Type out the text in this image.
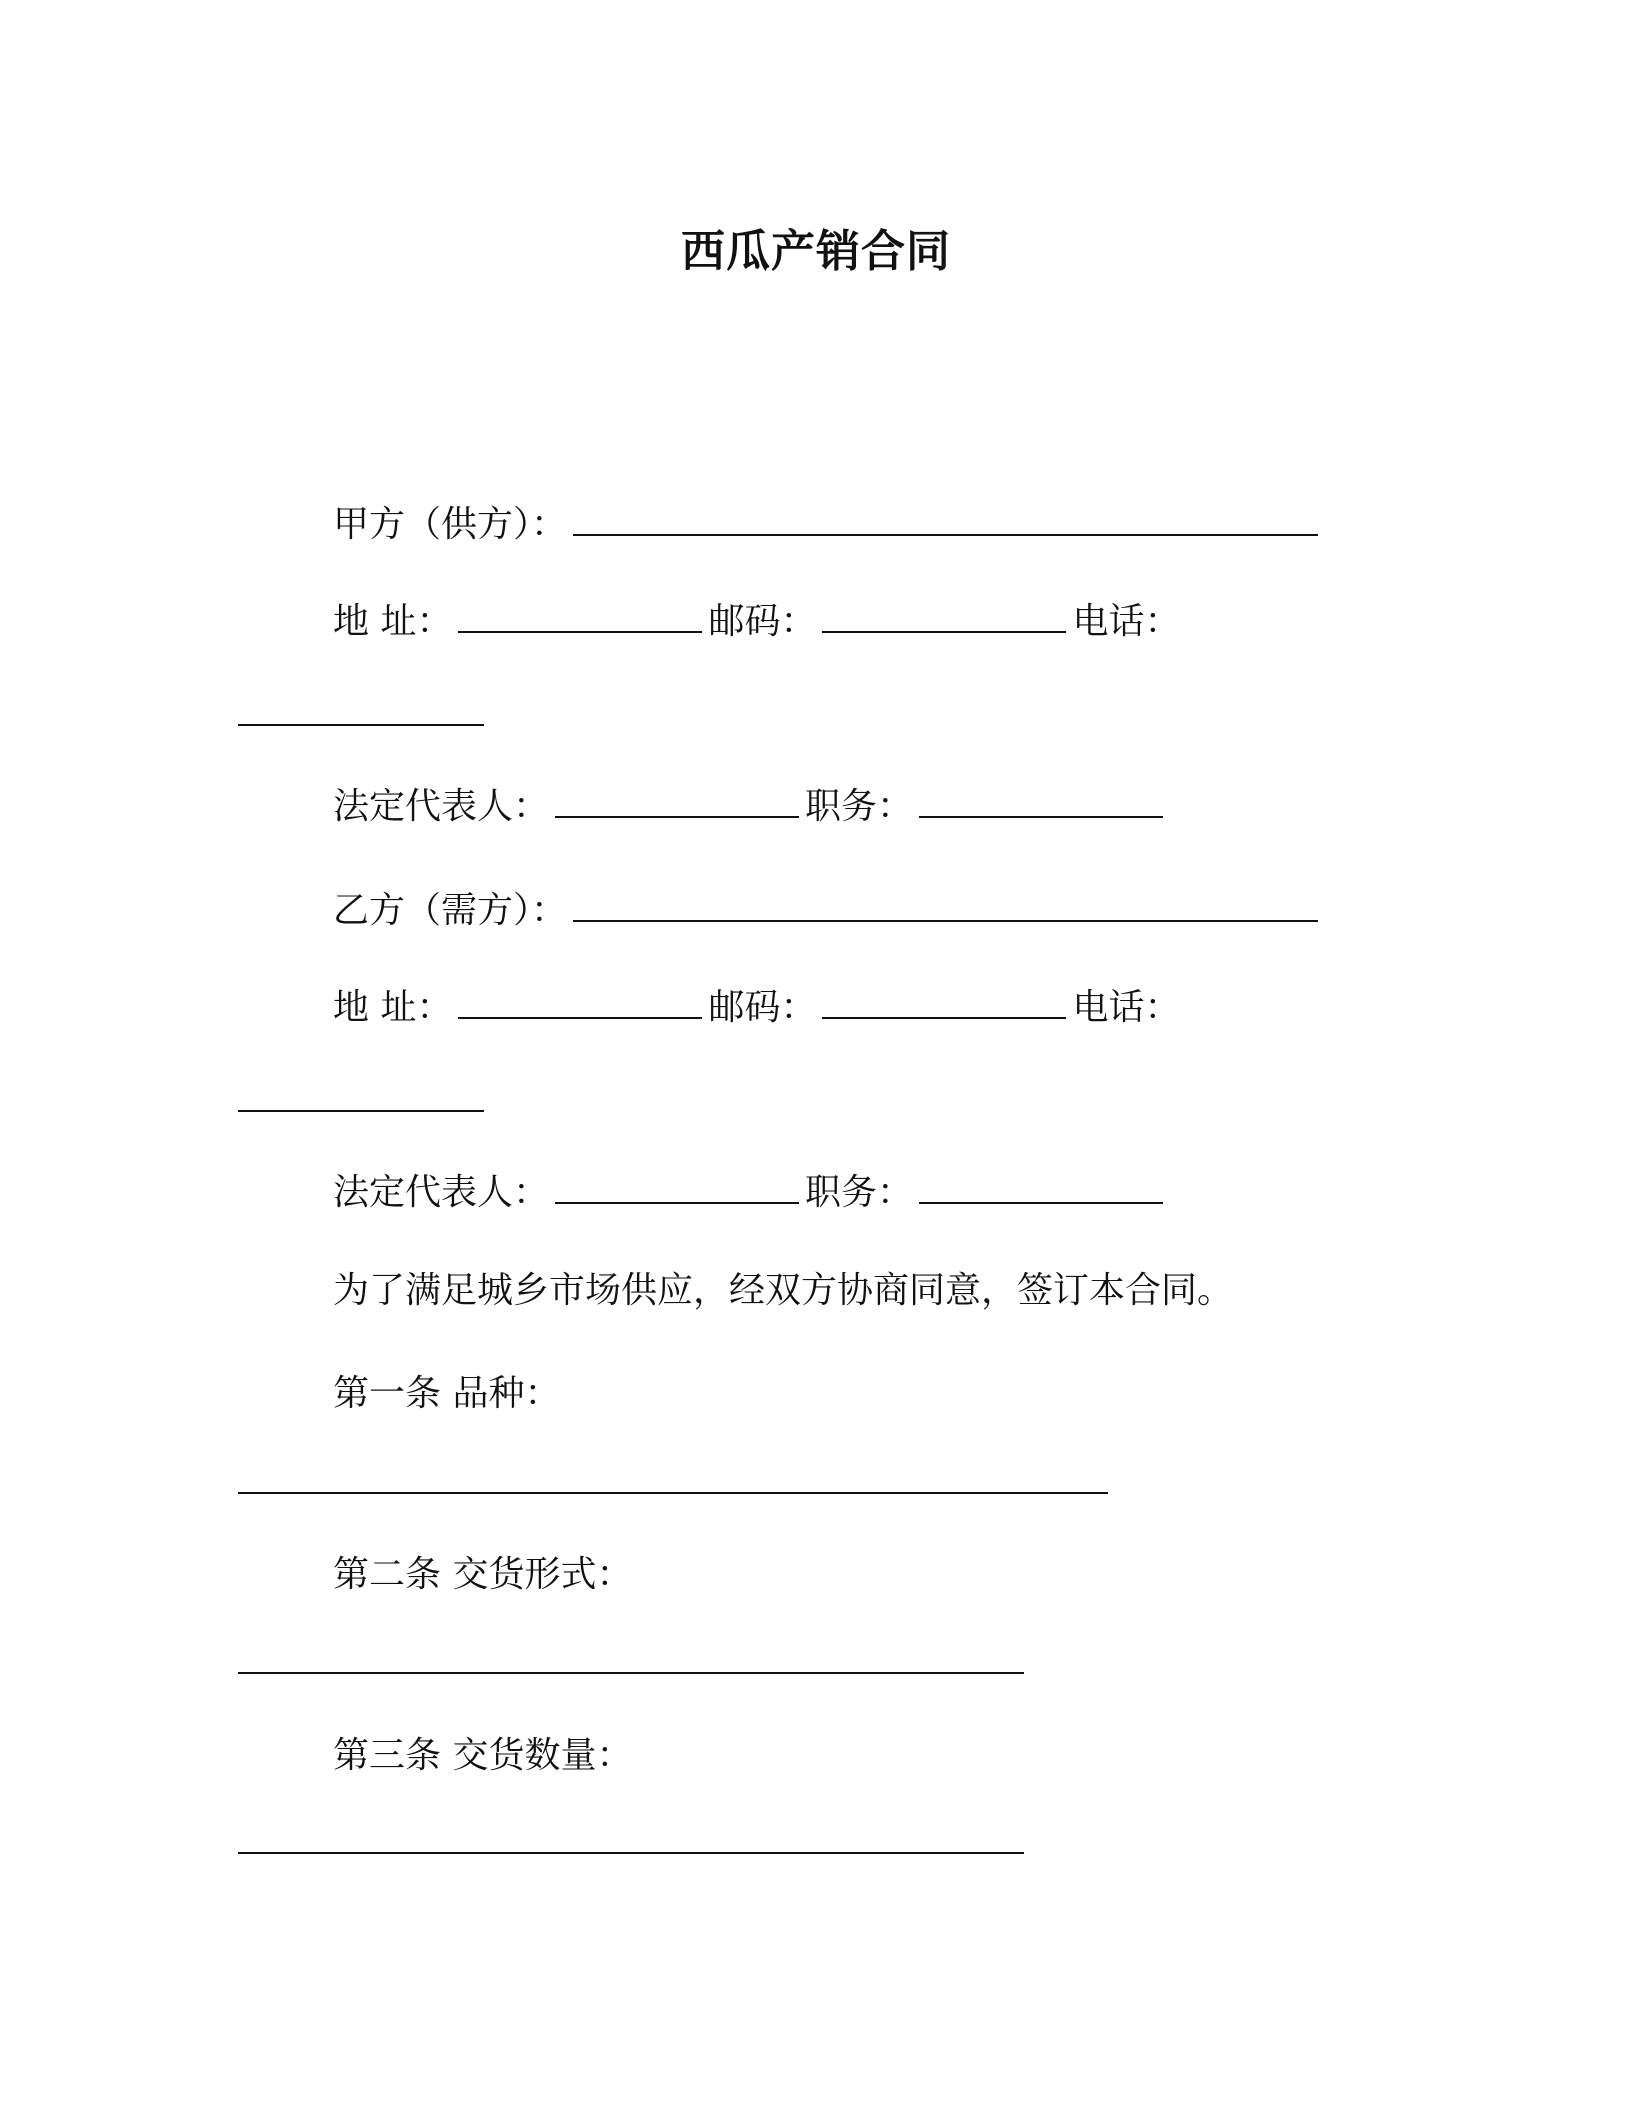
西瓜产销合同
甲方（供方）：
地 址：	邮码：	电话：
法定代表人：	职务：
乙方（需方）：
地 址：	邮码：	电话：
法定代表人：	职务：
为了满足城乡市场供应，经双方协商同意，签订本合同。
第一条 品种：
第二条 交货形式：
第三条 交货数量：
